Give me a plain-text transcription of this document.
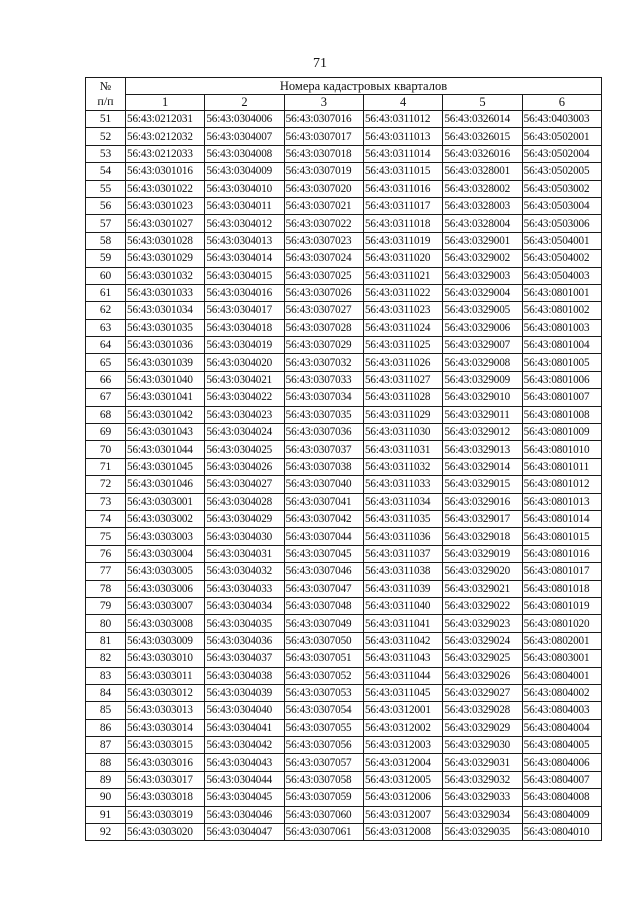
71
№
п/п	Номера кадастровых кварталов					
	1	2	3	4	5	6
51	56:43:0212031	56:43:0304006	56:43:0307016	56:43:0311012	56:43:0326014	56:43:0403003
52	56:43:0212032	56:43:0304007	56:43:0307017	56:43:0311013	56:43:0326015	56:43:0502001
53	56:43:0212033	56:43:0304008	56:43:0307018	56:43:0311014	56:43:0326016	56:43:0502004
54	56:43:0301016	56:43:0304009	56:43:0307019	56:43:0311015	56:43:0328001	56:43:0502005
55	56:43:0301022	56:43:0304010	56:43:0307020	56:43:0311016	56:43:0328002	56:43:0503002
56	56:43:0301023	56:43:0304011	56:43:0307021	56:43:0311017	56:43:0328003	56:43:0503004
57	56:43:0301027	56:43:0304012	56:43:0307022	56:43:0311018	56:43:0328004	56:43:0503006
58	56:43:0301028	56:43:0304013	56:43:0307023	56:43:0311019	56:43:0329001	56:43:0504001
59	56:43:0301029	56:43:0304014	56:43:0307024	56:43:0311020	56:43:0329002	56:43:0504002
60	56:43:0301032	56:43:0304015	56:43:0307025	56:43:0311021	56:43:0329003	56:43:0504003
61	56:43:0301033	56:43:0304016	56:43:0307026	56:43:0311022	56:43:0329004	56:43:0801001
62	56:43:0301034	56:43:0304017	56:43:0307027	56:43:0311023	56:43:0329005	56:43:0801002
63	56:43:0301035	56:43:0304018	56:43:0307028	56:43:0311024	56:43:0329006	56:43:0801003
64	56:43:0301036	56:43:0304019	56:43:0307029	56:43:0311025	56:43:0329007	56:43:0801004
65	56:43:0301039	56:43:0304020	56:43:0307032	56:43:0311026	56:43:0329008	56:43:0801005
66	56:43:0301040	56:43:0304021	56:43:0307033	56:43:0311027	56:43:0329009	56:43:0801006
67	56:43:0301041	56:43:0304022	56:43:0307034	56:43:0311028	56:43:0329010	56:43:0801007
68	56:43:0301042	56:43:0304023	56:43:0307035	56:43:0311029	56:43:0329011	56:43:0801008
69	56:43:0301043	56:43:0304024	56:43:0307036	56:43:0311030	56:43:0329012	56:43:0801009
70	56:43:0301044	56:43:0304025	56:43:0307037	56:43:0311031	56:43:0329013	56:43:0801010
71	56:43:0301045	56:43:0304026	56:43:0307038	56:43:0311032	56:43:0329014	56:43:0801011
72	56:43:0301046	56:43:0304027	56:43:0307040	56:43:0311033	56:43:0329015	56:43:0801012
73	56:43:0303001	56:43:0304028	56:43:0307041	56:43:0311034	56:43:0329016	56:43:0801013
74	56:43:0303002	56:43:0304029	56:43:0307042	56:43:0311035	56:43:0329017	56:43:0801014
75	56:43:0303003	56:43:0304030	56:43:0307044	56:43:0311036	56:43:0329018	56:43:0801015
76	56:43:0303004	56:43:0304031	56:43:0307045	56:43:0311037	56:43:0329019	56:43:0801016
77	56:43:0303005	56:43:0304032	56:43:0307046	56:43:0311038	56:43:0329020	56:43:0801017
78	56:43:0303006	56:43:0304033	56:43:0307047	56:43:0311039	56:43:0329021	56:43:0801018
79	56:43:0303007	56:43:0304034	56:43:0307048	56:43:0311040	56:43:0329022	56:43:0801019
80	56:43:0303008	56:43:0304035	56:43:0307049	56:43:0311041	56:43:0329023	56:43:0801020
81	56:43:0303009	56:43:0304036	56:43:0307050	56:43:0311042	56:43:0329024	56:43:0802001
82	56:43:0303010	56:43:0304037	56:43:0307051	56:43:0311043	56:43:0329025	56:43:0803001
83	56:43:0303011	56:43:0304038	56:43:0307052	56:43:0311044	56:43:0329026	56:43:0804001
84	56:43:0303012	56:43:0304039	56:43:0307053	56:43:0311045	56:43:0329027	56:43:0804002
85	56:43:0303013	56:43:0304040	56:43:0307054	56:43:0312001	56:43:0329028	56:43:0804003
86	56:43:0303014	56:43:0304041	56:43:0307055	56:43:0312002	56:43:0329029	56:43:0804004
87	56:43:0303015	56:43:0304042	56:43:0307056	56:43:0312003	56:43:0329030	56:43:0804005
88	56:43:0303016	56:43:0304043	56:43:0307057	56:43:0312004	56:43:0329031	56:43:0804006
89	56:43:0303017	56:43:0304044	56:43:0307058	56:43:0312005	56:43:0329032	56:43:0804007
90	56:43:0303018	56:43:0304045	56:43:0307059	56:43:0312006	56:43:0329033	56:43:0804008
91	56:43:0303019	56:43:0304046	56:43:0307060	56:43:0312007	56:43:0329034	56:43:0804009
92	56:43:0303020	56:43:0304047	56:43:0307061	56:43:0312008	56:43:0329035	56:43:0804010
